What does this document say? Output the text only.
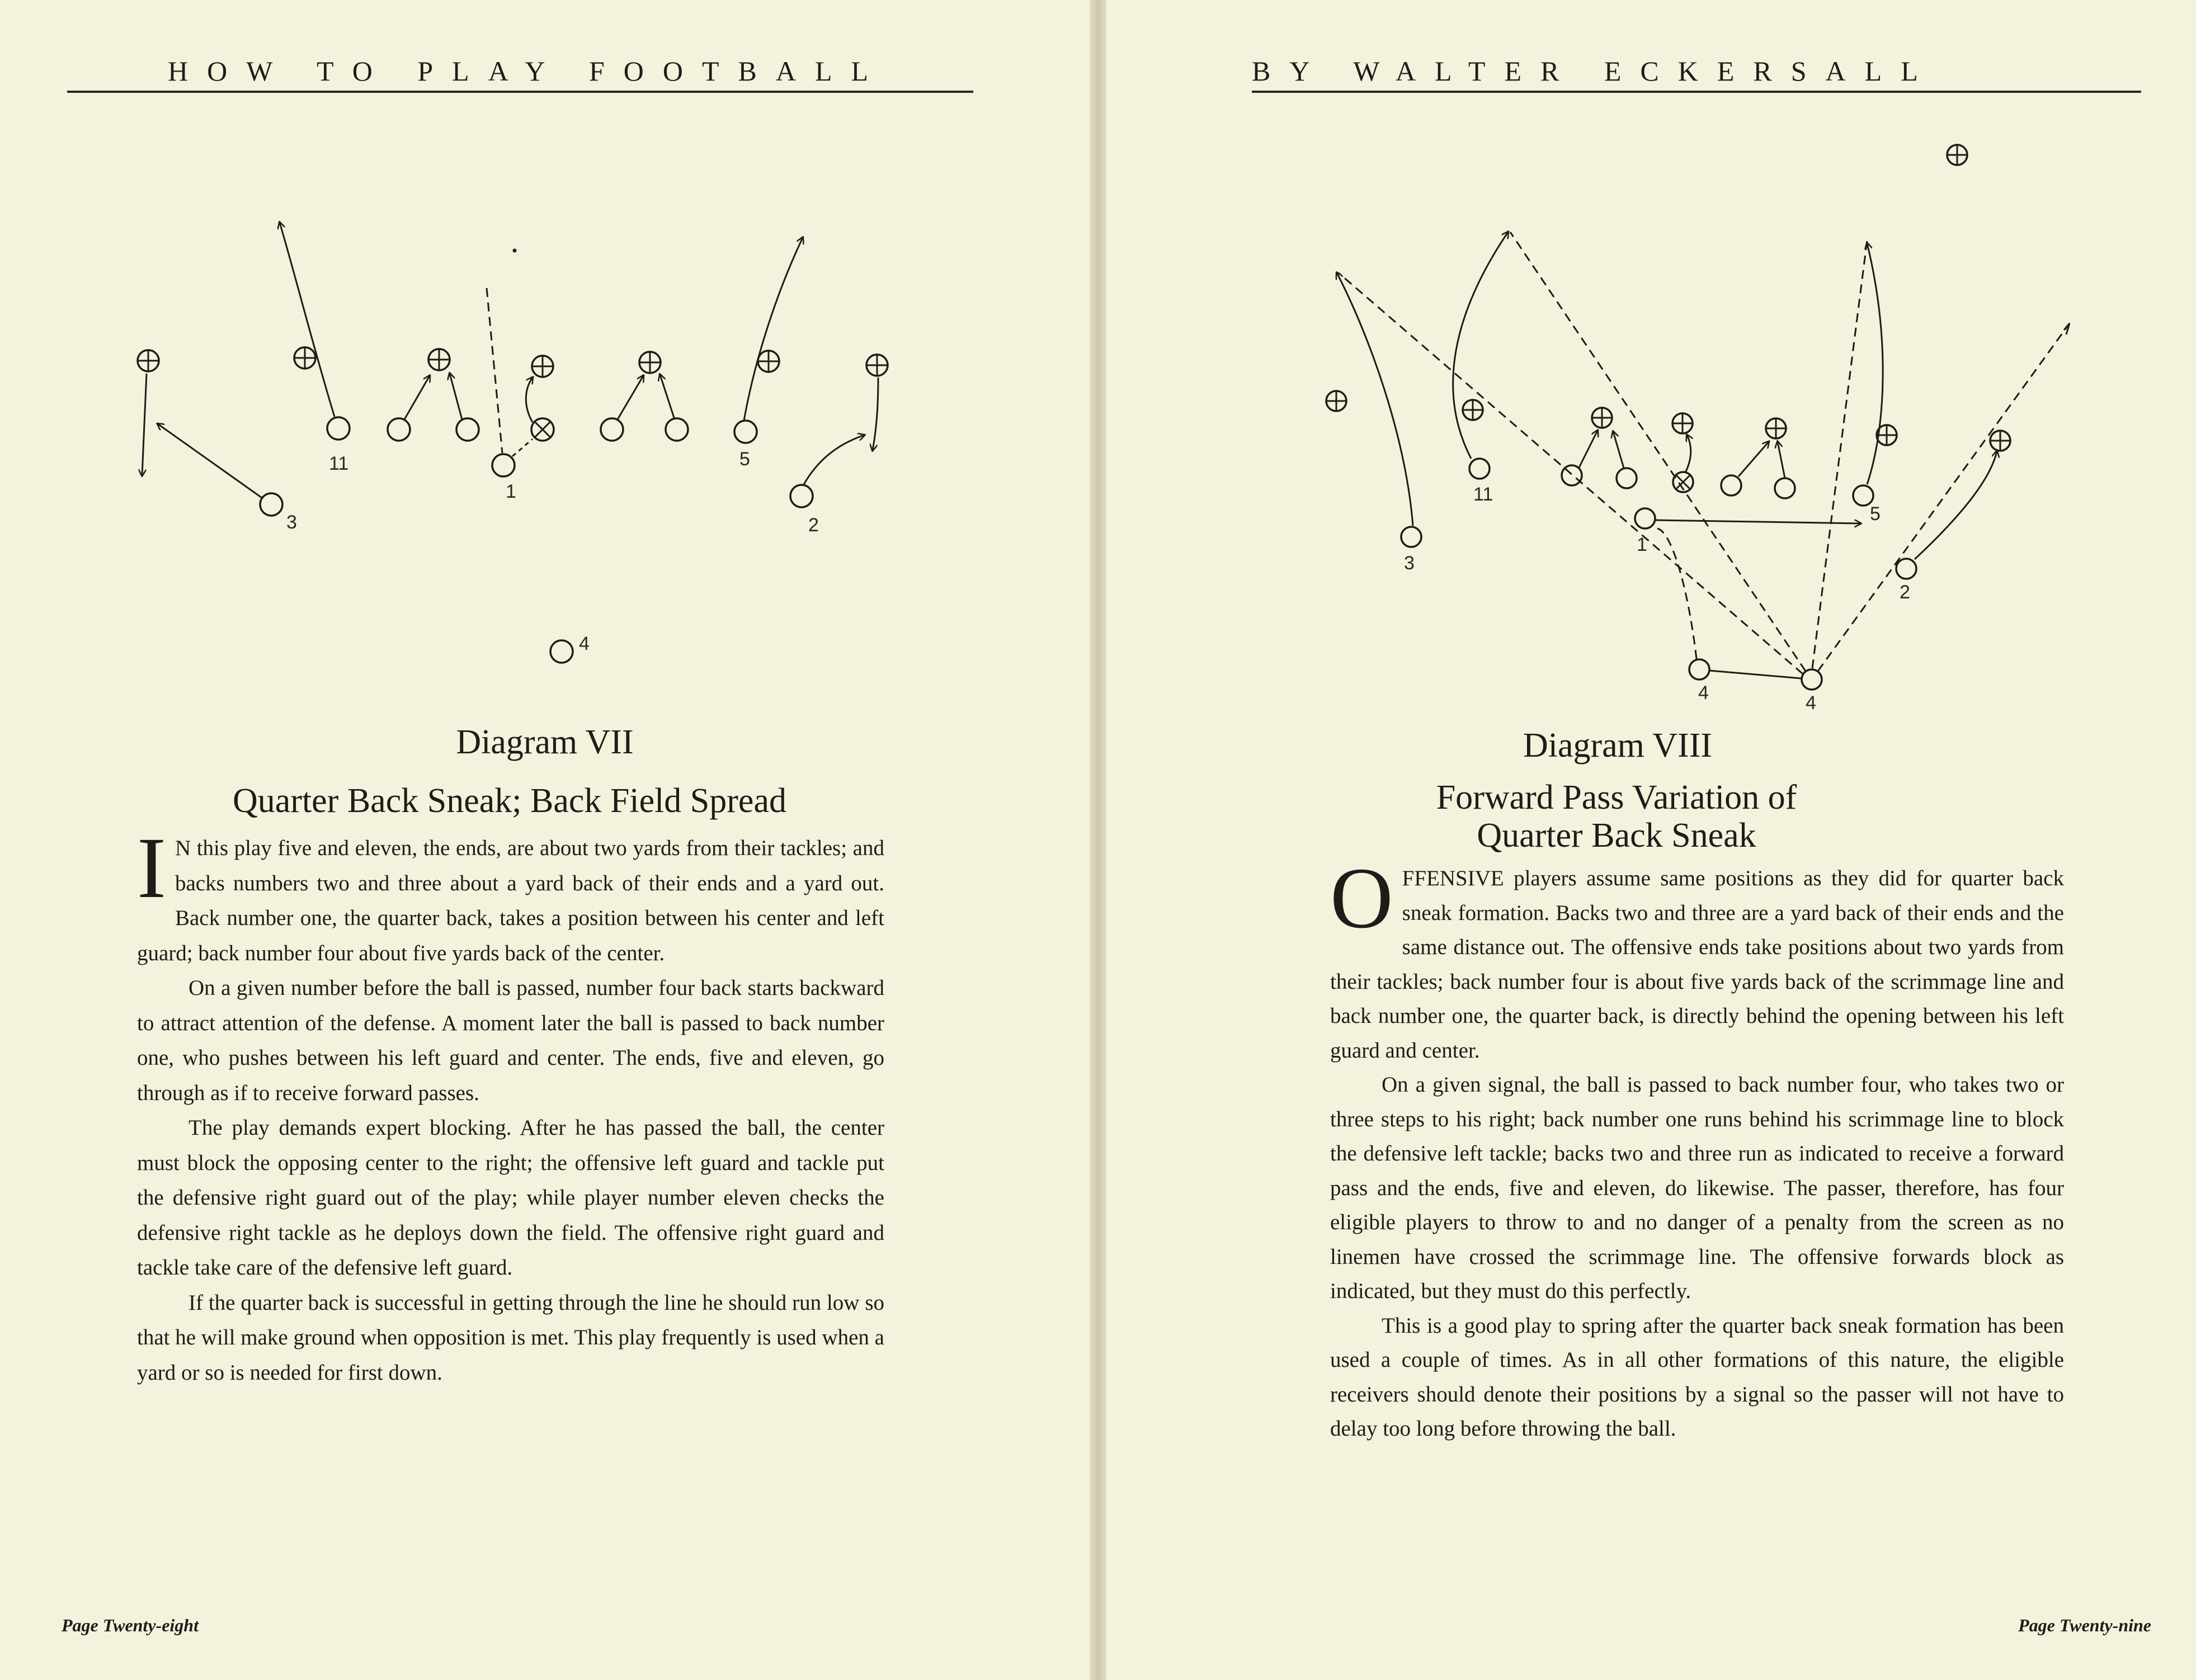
HOW TO PLAY FOOTBALL
11
1
5
3	2
4
Diagram VII
Quarter Back Sneak; Back Field Spread

I N this play five and eleven, the ends, are about two yards from their tackles; and backs numbers two and three about a yard back of their ends and a yard out. Back number one, the quarter back, takes a position between his center and left guard; back number four about five yards back of the center.

On a given number before the ball is passed, number four back starts backward to attract attention of the defense. A moment later the ball is passed to back number one, who pushes between his left guard and center. The ends, five and eleven, go through as if to receive forward passes.

The play demands expert blocking. After he has passed the ball, the center must block the opposing center to the right; the offensive left guard and tackle put the defensive right guard out of the play; while player number eleven checks the defensive right tackle as he deploys down the field. The offensive right guard and tackle take care of the defensive left guard.

If the quarter back is successful in getting through the line he should run low so that he will make ground when opposition is met. This play frequently is used when a yard or so is needed for first down.

Page Twenty-eight
BY WALTER ECKERSALL
11
3
1
5
2
4	4
Diagram VIII
Forward Pass Variation of
Quarter Back Sneak

OFFENSIVE players assume same positions as they did for quarter back sneak formation. Backs two and three are a yard back of their ends and the same distance out. The offensive ends take positions about two yards from their tackles; back number four is about five yards back of the scrimmage line and back number one, the quarter back, is directly behind the opening between his left guard and center.

On a given signal, the ball is passed to back number four, who takes two or three steps to his right; back number one runs behind his scrimmage line to block the defensive left tackle; backs two and three run as indicated to receive a forward pass and the ends, five and eleven, do likewise. The passer, therefore, has four eligible players to throw to and no danger of a penalty from the screen as no linemen have crossed the scrimmage line. The offensive forwards block as indicated, but they must do this perfectly.

This is a good play to spring after the quarter back sneak formation has been used a couple of times. As in all other formations of this nature, the eligible receivers should denote their positions by a signal so the passer will not have to delay too long before throwing the ball.

Page Twenty-nine
